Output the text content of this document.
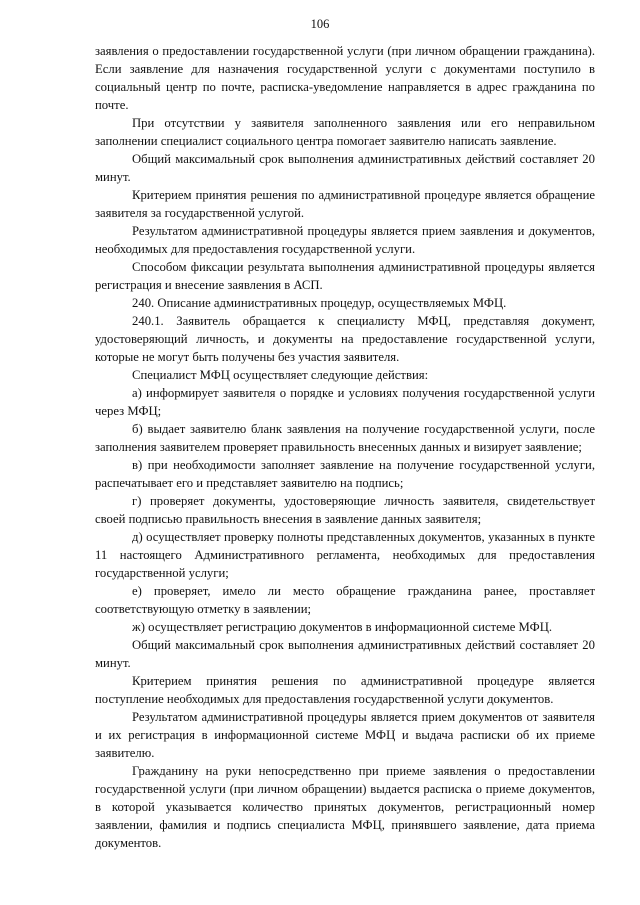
106

заявления о предоставлении государственной услуги (при личном обращении гражданина). Если заявление для назначения государственной услуги с документами поступило в социальный центр по почте, расписка-уведомление направляется в адрес гражданина по почте.

При отсутствии у заявителя заполненного заявления или его неправильном заполнении специалист социального центра помогает заявителю написать заявление.

Общий максимальный срок выполнения административных действий составляет 20 минут.

Критерием принятия решения по административной процедуре является обращение заявителя за государственной услугой.

Результатом административной процедуры является прием заявления и документов, необходимых для предоставления государственной услуги.

Способом фиксации результата выполнения административной процедуры является регистрация и внесение заявления в АСП.

240. Описание административных процедур, осуществляемых МФЦ.

240.1. Заявитель обращается к специалисту МФЦ, представляя документ, удостоверяющий личность, и документы на предоставление государственной услуги, которые не могут быть получены без участия заявителя.

Специалист МФЦ осуществляет следующие действия:

а) информирует заявителя о порядке и условиях получения государственной услуги через МФЦ;

б) выдает заявителю бланк заявления на получение государственной услуги, после заполнения заявителем проверяет правильность внесенных данных и визирует заявление;

в) при необходимости заполняет заявление на получение государственной услуги, распечатывает его и представляет заявителю на подпись;

г) проверяет документы, удостоверяющие личность заявителя, свидетельствует своей подписью правильность внесения в заявление данных заявителя;

д) осуществляет проверку полноты представленных документов, указанных в пункте 11 настоящего Административного регламента, необходимых для предоставления государственной услуги;

е) проверяет, имело ли место обращение гражданина ранее, проставляет соответствующую отметку в заявлении;

ж) осуществляет регистрацию документов в информационной системе МФЦ.

Общий максимальный срок выполнения административных действий составляет 20 минут.

Критерием принятия решения по административной процедуре является поступление необходимых для предоставления государственной услуги документов.

Результатом административной процедуры является прием документов от заявителя и их регистрация в информационной системе МФЦ и выдача расписки об их приеме заявителю.

Гражданину на руки непосредственно при приеме заявления о предоставлении государственной услуги (при личном обращении) выдается расписка о приеме документов, в которой указывается количество принятых документов, регистрационный номер заявлении, фамилия и подпись специалиста МФЦ, принявшего заявление, дата приема документов.
